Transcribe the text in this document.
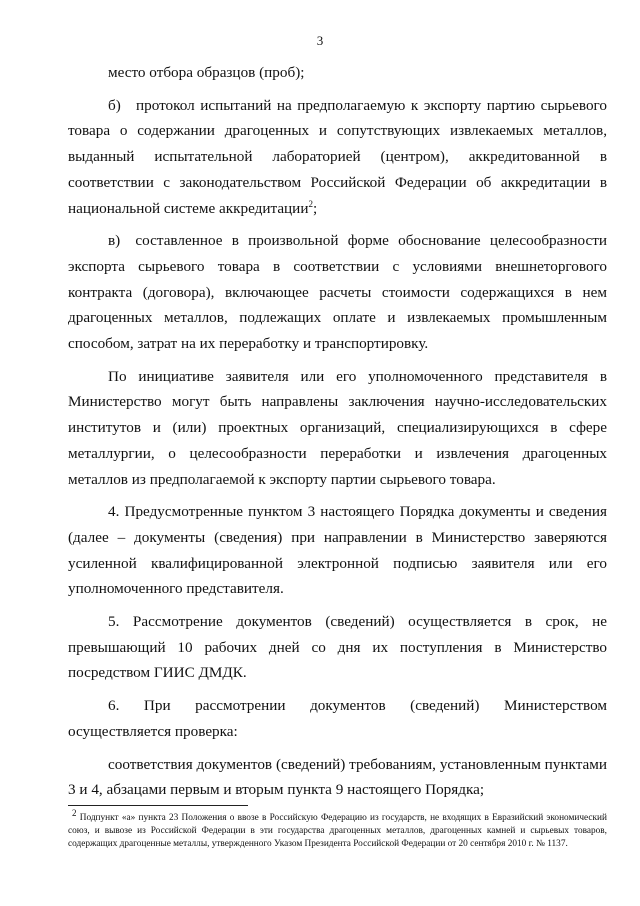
3

место отбора образцов (проб);

б) протокол испытаний на предполагаемую к экспорту партию сырьевого товара о содержании драгоценных и сопутствующих извлекаемых металлов, выданный испытательной лабораторией (центром), аккредитованной в соответствии с законодательством Российской Федерации об аккредитации в национальной системе аккредитации$^2$;

в) составленное в произвольной форме обоснование целесообразности экспорта сырьевого товара в соответствии с условиями внешнеторгового контракта (договора), включающее расчеты стоимости содержащихся в нем драгоценных металлов, подлежащих оплате и извлекаемых промышленным способом, затрат на их переработку и транспортировку.

По инициативе заявителя или его уполномоченного представителя в Министерство могут быть направлены заключения научно-исследовательских институтов и (или) проектных организаций, специализирующихся в сфере металлургии, о целесообразности переработки и извлечения драгоценных металлов из предполагаемой к экспорту партии сырьевого товара.

4. Предусмотренные пунктом 3 настоящего Порядка документы и сведения (далее – документы (сведения) при направлении в Министерство заверяются усиленной квалифицированной электронной подписью заявителя или его уполномоченного представителя.

5. Рассмотрение документов (сведений) осуществляется в срок, не превышающий 10 рабочих дней со дня их поступления в Министерство посредством ГИИС ДМДК.

6. При рассмотрении документов (сведений) Министерством осуществляется проверка:

соответствия документов (сведений) требованиям, установленным пунктами 3 и 4, абзацами первым и вторым пункта 9 настоящего Порядка;

$^2$ Подпункт «а» пункта 23 Положения о ввозе в Российскую Федерацию из государств, не входящих в Евразийский экономический союз, и вывозе из Российской Федерации в эти государства драгоценных металлов, драгоценных камней и сырьевых товаров, содержащих драгоценные металлы, утвержденного Указом Президента Российской Федерации от 20 сентября 2010 г. № 1137.
